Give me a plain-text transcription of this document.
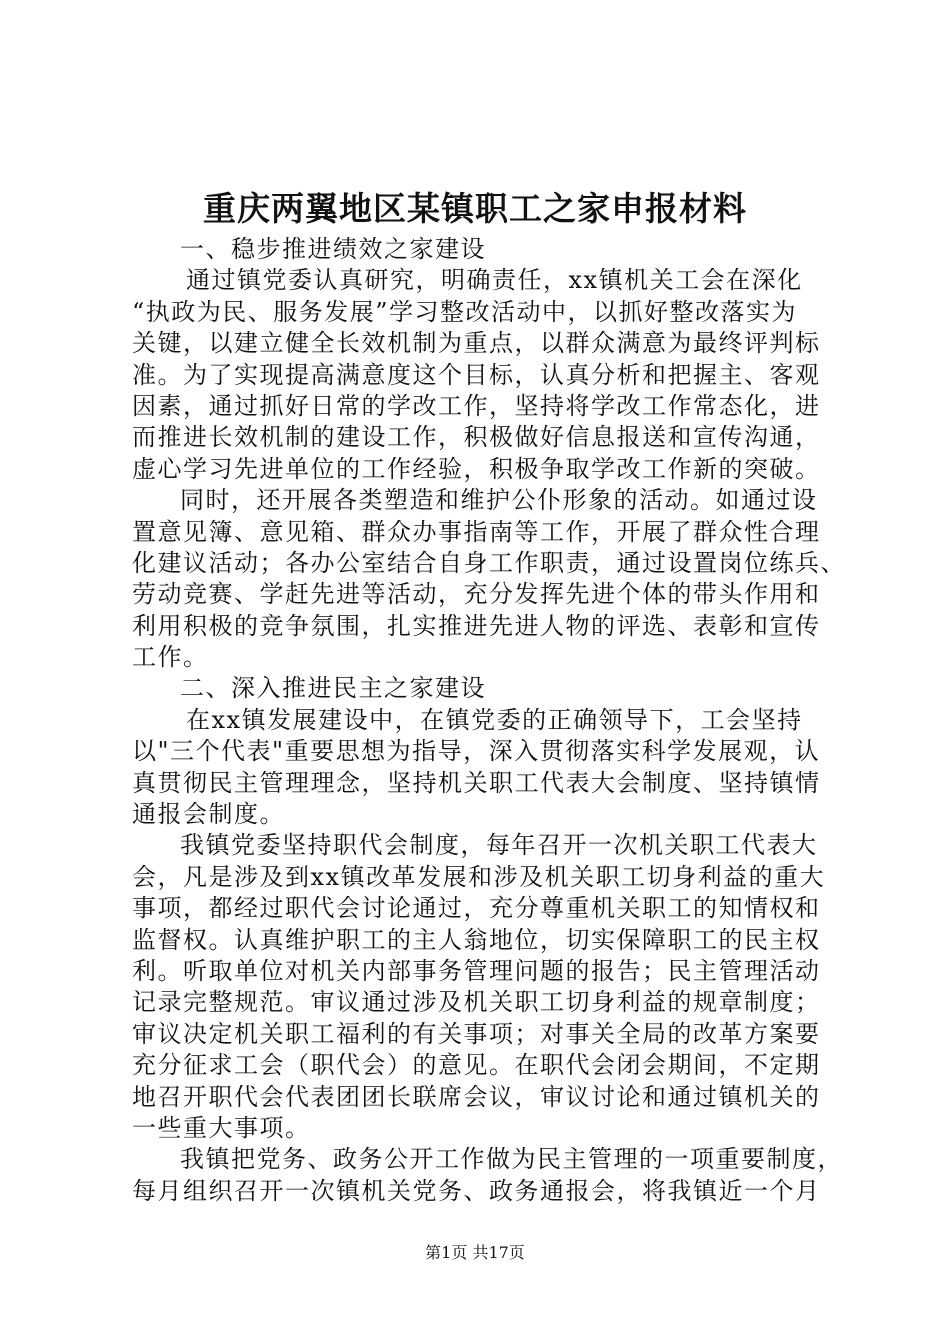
重庆两翼地区某镇职工之家申报材料
一、稳步推进绩效之家建设
通过镇党委认真研究，明确责任，xx镇机关工会在深化
“执政为民、服务发展”学习整改活动中，以抓好整改落实为
关键，以建立健全长效机制为重点，以群众满意为最终评判标
准。为了实现提高满意度这个目标，认真分析和把握主、客观
因素，通过抓好日常的学改工作，坚持将学改工作常态化，进
而推进长效机制的建设工作，积极做好信息报送和宣传沟通，
虚心学习先进单位的工作经验，积极争取学改工作新的突破。
同时，还开展各类塑造和维护公仆形象的活动。如通过设
置意见簿、意见箱、群众办事指南等工作，开展了群众性合理
化建议活动；各办公室结合自身工作职责，通过设置岗位练兵、
劳动竞赛、学赶先进等活动，充分发挥先进个体的带头作用和
利用积极的竞争氛围，扎实推进先进人物的评选、表彰和宣传
工作。
二、深入推进民主之家建设
在xx镇发展建设中，在镇党委的正确领导下，工会坚持
以"三个代表"重要思想为指导，深入贯彻落实科学发展观，认
真贯彻民主管理理念，坚持机关职工代表大会制度、坚持镇情
通报会制度。
我镇党委坚持职代会制度，每年召开一次机关职工代表大
会，凡是涉及到xx镇改革发展和涉及机关职工切身利益的重大
事项，都经过职代会讨论通过，充分尊重机关职工的知情权和
监督权。认真维护职工的主人翁地位，切实保障职工的民主权
利。听取单位对机关内部事务管理问题的报告；民主管理活动
记录完整规范。审议通过涉及机关职工切身利益的规章制度；
审议决定机关职工福利的有关事项；对事关全局的改革方案要
充分征求工会（职代会）的意见。在职代会闭会期间，不定期
地召开职代会代表团团长联席会议，审议讨论和通过镇机关的
一些重大事项。
我镇把党务、政务公开工作做为民主管理的一项重要制度，
每月组织召开一次镇机关党务、政务通报会，将我镇近一个月
第1页 共17页
